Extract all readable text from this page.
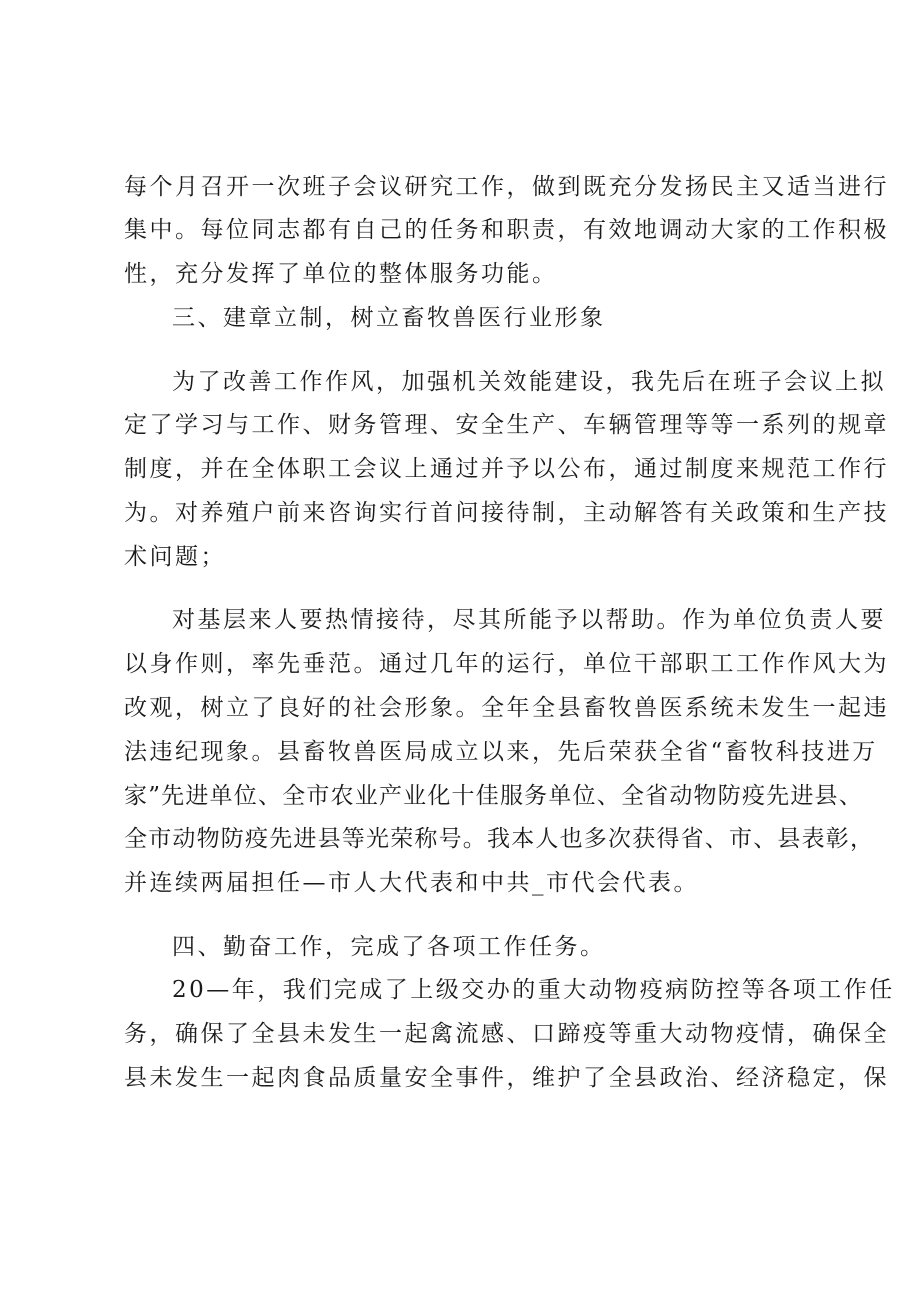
每个月召开一次班子会议研究工作，做到既充分发扬民主又适当进行
集中。每位同志都有自己的任务和职责，有效地调动大家的工作积极
性，充分发挥了单位的整体服务功能。
三、建章立制，树立畜牧兽医行业形象
为了改善工作作风，加强机关效能建设，我先后在班子会议上拟
定了学习与工作、财务管理、安全生产、车辆管理等等一系列的规章
制度，并在全体职工会议上通过并予以公布，通过制度来规范工作行
为。对养殖户前来咨询实行首问接待制，主动解答有关政策和生产技
术问题；
对基层来人要热情接待，尽其所能予以帮助。作为单位负责人要
以身作则，率先垂范。通过几年的运行，单位干部职工工作作风大为
改观，树立了良好的社会形象。全年全县畜牧兽医系统未发生一起违
法违纪现象。县畜牧兽医局成立以来，先后荣获全省“畜牧科技进万
家”先进单位、全市农业产业化十佳服务单位、全省动物防疫先进县、
全市动物防疫先进县等光荣称号。我本人也多次获得省、市、县表彰，
并连续两届担任—市人大代表和中共_市代会代表。
四、勤奋工作，完成了各项工作任务。
20—年，我们完成了上级交办的重大动物疫病防控等各项工作任
务，确保了全县未发生一起禽流感、口蹄疫等重大动物疫情，确保全
县未发生一起肉食品质量安全事件，维护了全县政治、经济稳定，保
